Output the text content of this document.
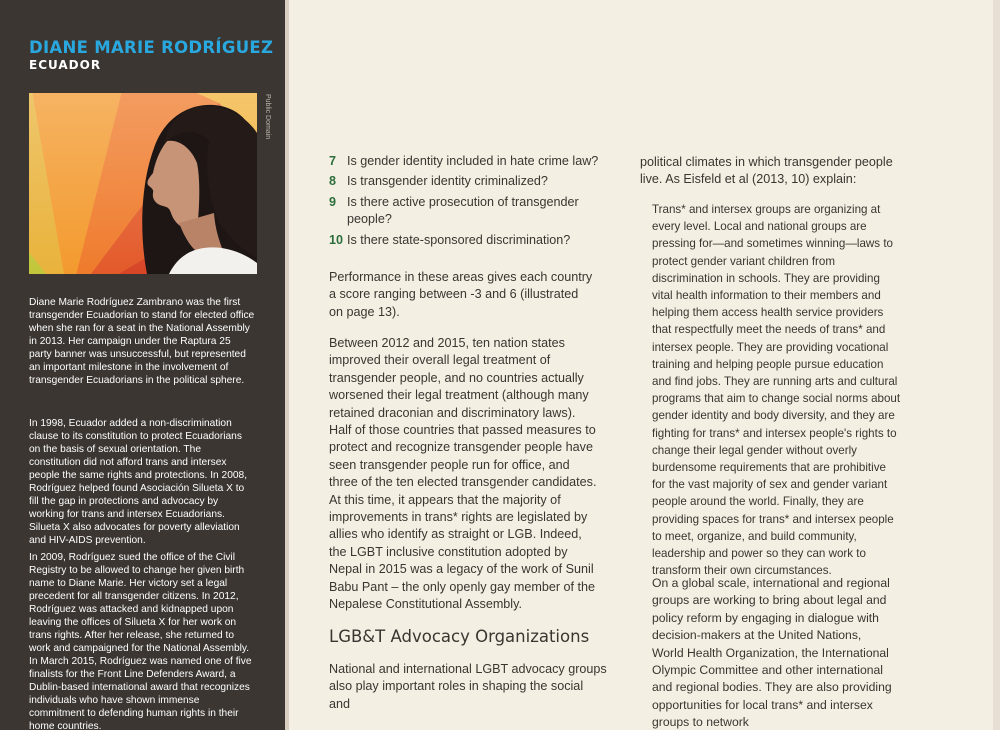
DIANE MARIE RODRÍGUEZ
ECUADOR
Public Domain

Diane Marie Rodríguez Zambrano was the first transgender Ecuadorian to stand for elected office when she ran for a seat in the National Assembly in 2013. Her campaign under the Raptura 25 party banner was unsuccessful, but represented an important milestone in the involvement of transgender Ecuadorians in the political sphere.

In 1998, Ecuador added a non-discrimination clause to its constitution to protect Ecuadorians on the basis of sexual orientation. The constitution did not afford trans and intersex people the same rights and protections. In 2008, Rodríguez helped found Asociación Silueta X to fill the gap in protections and advocacy by working for trans and intersex Ecuadorians. Silueta X also advocates for poverty alleviation and HIV-AIDS prevention.

In 2009, Rodríguez sued the office of the Civil Registry to be allowed to change her given birth name to Diane Marie. Her victory set a legal precedent for all transgender citizens. In 2012, Rodríguez was attacked and kidnapped upon leaving the offices of Silueta X for her work on trans rights. After her release, she returned to work and campaigned for the National Assembly. In March 2015, Rodríguez was named one of five finalists for the Front Line Defenders Award, a Dublin-based international award that recognizes individuals who have shown immense commitment to defending human rights in their home countries.

7 Is gender identity included in hate crime law?
8 Is transgender identity criminalized?
9 Is there active prosecution of transgender people?
10 Is there state-sponsored discrimination?

Performance in these areas gives each country a score ranging between -3 and 6 (illustrated on page 13).

Between 2012 and 2015, ten nation states improved their overall legal treatment of transgender people, and no countries actually worsened their legal treatment (although many retained draconian and discriminatory laws). Half of those countries that passed measures to protect and recognize transgender people have seen transgender people run for office, and three of the ten elected transgender candidates. At this time, it appears that the majority of improvements in trans* rights are legislated by allies who identify as straight or LGB. Indeed, the LGBT inclusive constitution adopted by Nepal in 2015 was a legacy of the work of Sunil Babu Pant – the only openly gay member of the Nepalese Constitutional Assembly.

LGB&T Advocacy Organizations

National and international LGBT advocacy groups also play important roles in shaping the social and

political climates in which transgender people live. As Eisfeld et al (2013, 10) explain:

Trans* and intersex groups are organizing at every level. Local and national groups are pressing for—and sometimes winning—laws to protect gender variant children from discrimination in schools. They are providing vital health information to their members and helping them access health service providers that respectfully meet the needs of trans* and intersex people. They are providing vocational training and helping people pursue education and find jobs. They are running arts and cultural programs that aim to change social norms about gender identity and body diversity, and they are fighting for trans* and intersex people's rights to change their legal gender without overly burdensome requirements that are prohibitive for the vast majority of sex and gender variant people around the world. Finally, they are providing spaces for trans* and intersex people to meet, organize, and build community, leadership and power so they can work to transform their own circumstances.

On a global scale, international and regional groups are working to bring about legal and policy reform by engaging in dialogue with decision-makers at the United Nations, World Health Organization, the International Olympic Committee and other international and regional bodies. They are also providing opportunities for local trans* and intersex groups to network
